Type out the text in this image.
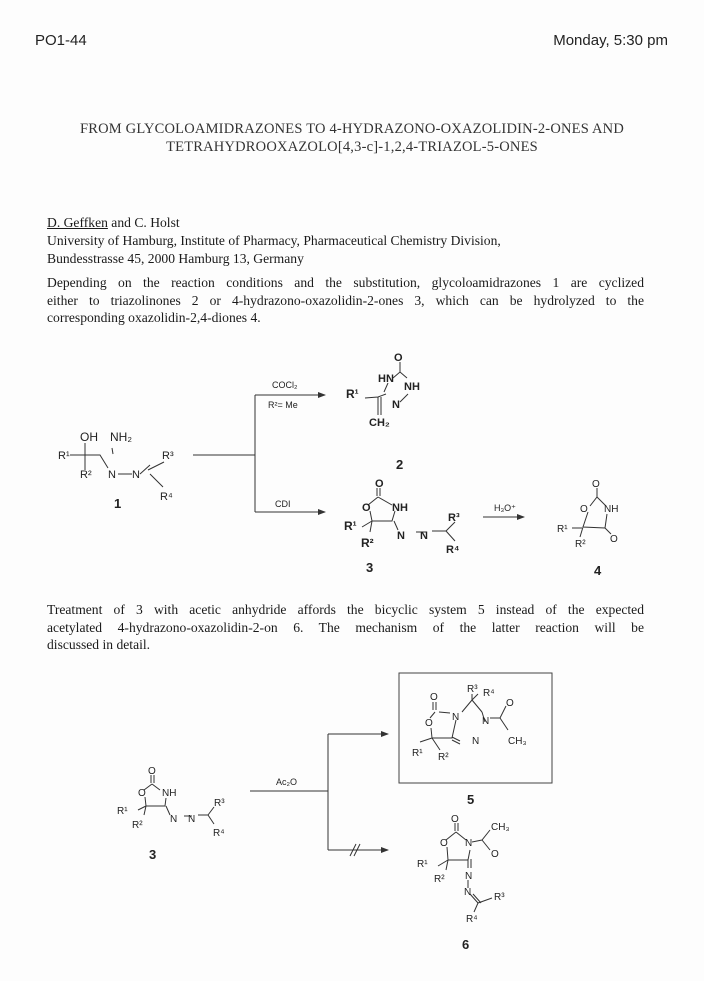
PO1-44	Monday, 5:30 pm
FROM GLYCOLOAMIDRAZONES TO 4-HYDRAZONO-OXAZOLIDIN-2-ONES AND
TETRAHYDROOXAZOLO[4,3-c]-1,2,4-TRIAZOL-5-ONES
D. Geffken and C. Holst
University of Hamburg, Institute of Pharmacy, Pharmaceutical Chemistry Division,
Bundesstrasse 45, 2000 Hamburg 13, Germany
Depending on the reaction conditions and the substitution, glycoloamidrazones 1 are cyclized
either to triazolinones 2 or 4-hydrazono-oxazolidin-2-ones 3, which can be hydrolyzed to the
corresponding oxazolidin-2,4-diones 4.
Treatment of 3 with acetic anhydride affords the bicyclic system 5 instead of the expected
acetylated 4-hydrazono-oxazolidin-2-on 6. The mechanism of the latter reaction will be
discussed in detail.
OH NH₂
R¹
R² N N
R³
R⁴
1
COCl₂
R²= Me
CDI
O
HN
NH
N
R¹
CH₂
2
O
O NH
R¹
R² N N
R³
R⁴
3
H₃O⁺
O
O NH
R¹
R² O
4
O
O NH
R¹
R²
N N
R³
R⁴
3
Ac₂O
O
O
N
R³ R⁴
N
O
N	CH₃
R¹ R²
5
O
O N
CH₃
O
R¹
R² N
N R³
R⁴
6
